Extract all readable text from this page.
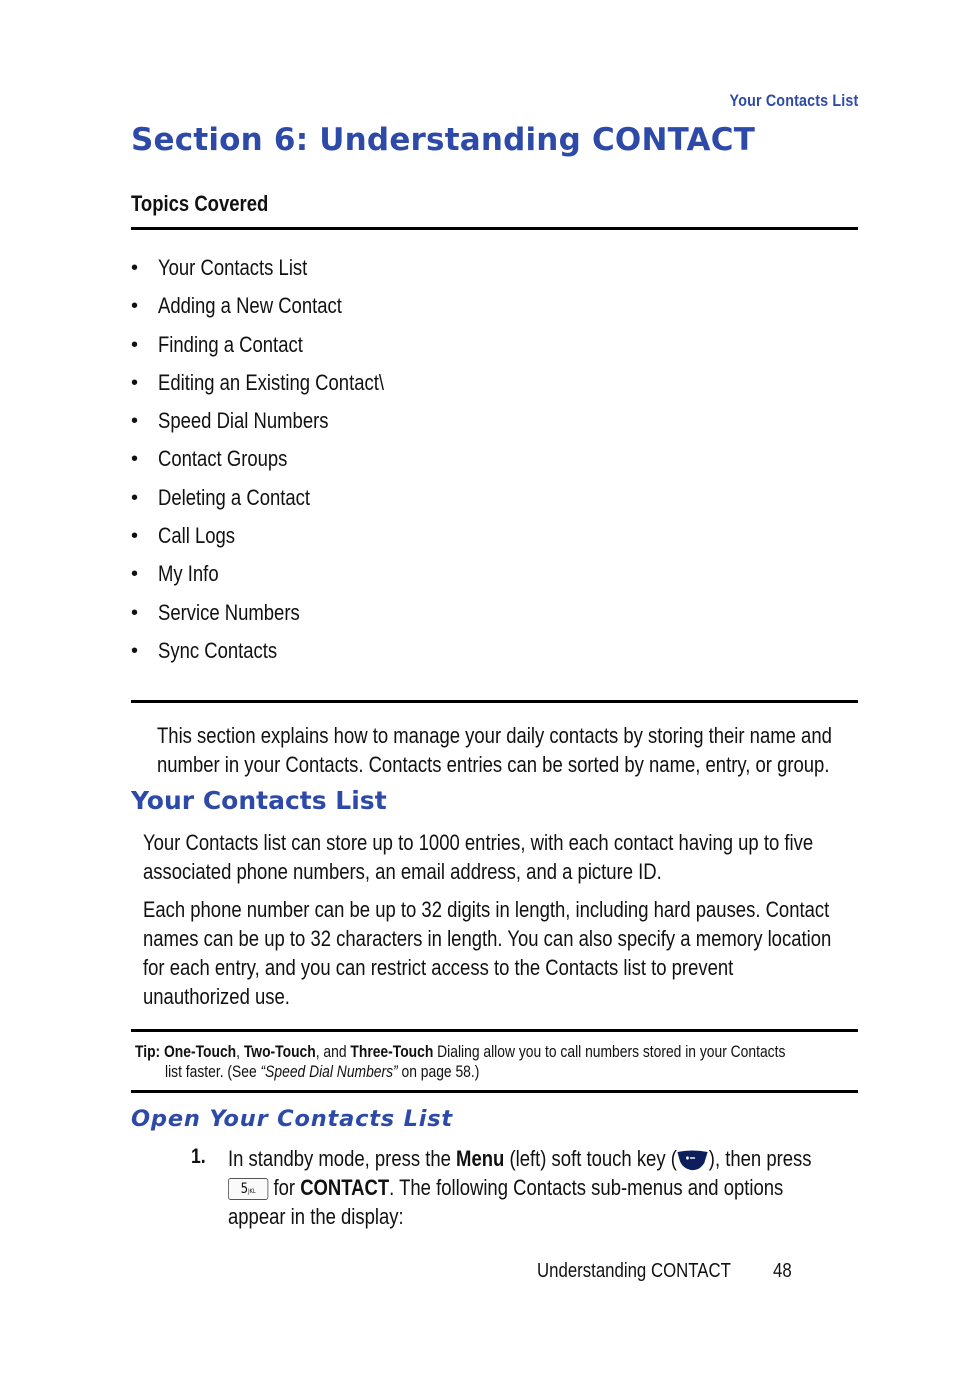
Your Contacts List
Section 6: Understanding CONTACT
Topics Covered
• Your Contacts List
• Adding a New Contact
• Finding a Contact
• Editing an Existing Contact\
• Speed Dial Numbers
• Contact Groups
• Deleting a Contact
• Call Logs
• My Info
• Service Numbers
• Sync Contacts
This section explains how to manage your daily contacts by storing their name and
number in your Contacts. Contacts entries can be sorted by name, entry, or group.
Your Contacts List
Your Contacts list can store up to 1000 entries, with each contact having up to five
associated phone numbers, an email address, and a picture ID.
Each phone number can be up to 32 digits in length, including hard pauses. Contact
names can be up to 32 characters in length. You can also specify a memory location
for each entry, and you can restrict access to the Contacts list to prevent
unauthorized use.
Tip: One-Touch, Two-Touch, and Three-Touch Dialing allow you to call numbers stored in your Contacts
list faster. (See “Speed Dial Numbers” on page 58.)
Open Your Contacts List
1. In standby mode, press the Menu (left) soft touch key ( ), then press
5JKL for CONTACT. The following Contacts sub-menus and options
appear in the display:
Understanding CONTACT	48
